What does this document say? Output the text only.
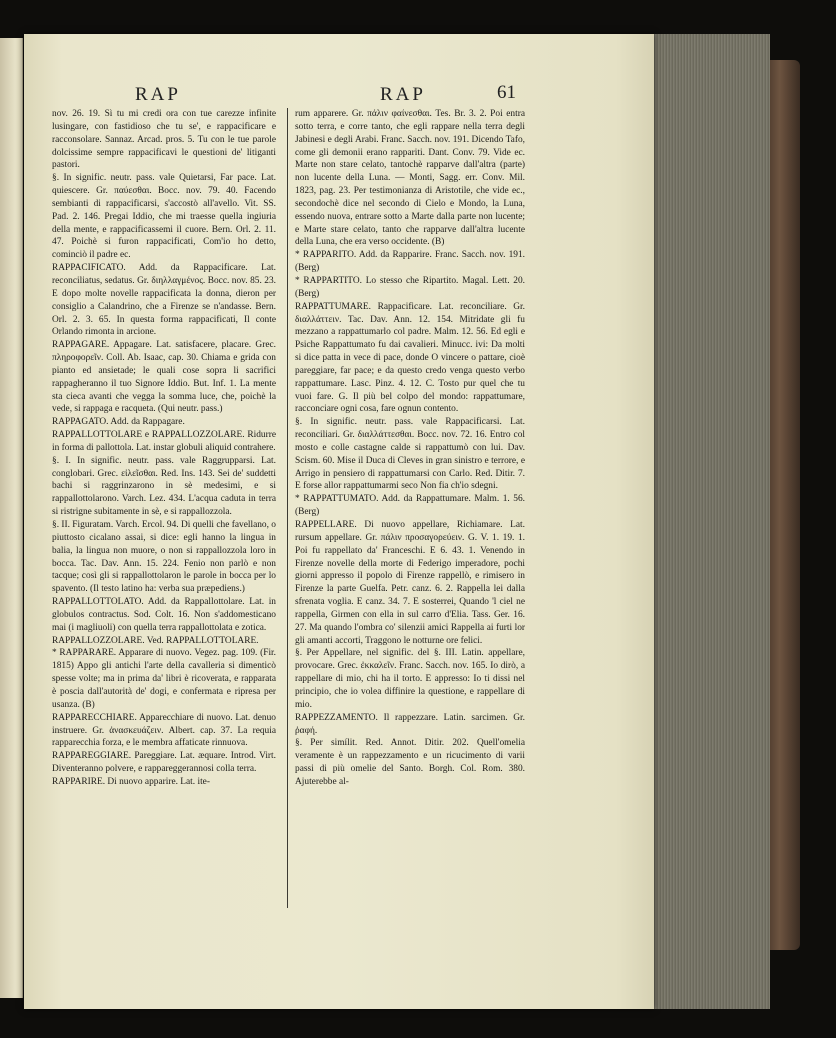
RAP	RAP	61

nov. 26. 19. Sì tu mi credi ora con tue carezze infinite lusingare, con fastidioso che tu se', e rappacificare e racconsolare. Sannaz. Arcad. pros. 5. Tu con le tue parole dolcissime sempre rappacificavi le questioni de' litiganti pastori.

§. In signific. neutr. pass. vale Quietarsi, Far pace. Lat. quiescere. Gr. παύεσθαι. Bocc. nov. 79. 40. Facendo sembianti di rappacificarsi, s'accostò all'avello. Vit. SS. Pad. 2. 146. Pregai Iddio, che mi traesse quella ingiuria della mente, e rappacificassemi il cuore. Bern. Orl. 2. 11. 47. Poichè si furon rappacificati, Com'io ho detto, cominciò il padre ec.

RAPPACIFICATO. Add. da Rappacificare. Lat. reconciliatus, sedatus. Gr. διηλλαγμένος. Bocc. nov. 85. 23. E dopo molte novelle rappacificata la donna, dieron per consiglio a Calandrino, che a Firenze se n'andasse. Bern. Orl. 2. 3. 65. In questa forma rappacificati, Il conte Orlando rimonta in arcione.

RAPPAGARE. Appagare. Lat. satisfacere, placare. Grec. πληροφορεῖν. Coll. Ab. Isaac, cap. 30. Chiama e grida con pianto ed ansietade; le quali cose sopra li sacrifici rappagheranno il tuo Signore Iddio. But. Inf. 1. La mente sta cieca avanti che vegga la somma luce, che, poichè la vede, si rappaga e racqueta. (Qui neutr. pass.)

RAPPAGATO. Add. da Rappagare.

RAPPALLOTTOLARE e RAPPALLOZZOLARE. Ridurre in forma di pallottola. Lat. instar globuli aliquid contrahere.

§. I. In signific. neutr. pass. vale Raggrupparsi. Lat. conglobari. Grec. εἰλεῖσθαι. Red. Ins. 143. Sei de' suddetti bachi si raggrinzarono in sè medesimi, e si rappallottolarono. Varch. Lez. 434. L'acqua caduta in terra si ristrigne subitamente in sè, e si rappallozzola.

§. II. Figuratam. Varch. Ercol. 94. Di quelli che favellano, o piuttosto cicalano assai, si dice: egli hanno la lingua in balia, la lingua non muore, o non si rappallozzola loro in bocca. Tac. Dav. Ann. 15. 224. Fenio non parlò e non tacque; così gli si rappallottolaron le parole in bocca per lo spavento. (Il testo latino ha: verba sua præpediens.)

RAPPALLOTTOLATO. Add. da Rappallottolare. Lat. in globulos contractus. Sod. Colt. 16. Non s'addomesticano mai (i magliuoli) con quella terra rappallottolata e zotica.

RAPPALLOZZOLARE. Ved. RAPPALLOTTOLARE.

* RAPPARARE. Apparare di nuovo. Vegez. pag. 109. (Fir. 1815) Appo gli antichi l'arte della cavalleria si dimenticò spesse volte; ma in prima da' libri è ricoverata, e rapparata è poscia dall'autorità de' dogi, e confermata e ripresa per usanza. (B)

RAPPARECCHIARE. Apparecchiare di nuovo. Lat. denuo instruere. Gr. ἀνασκευάζειν. Albert. cap. 37. La requia rapparecchia forza, e le membra affaticate rinnuova.

RAPPAREGGIARE. Pareggiare. Lat. æquare. Introd. Virt. Diventeranno polvere, e rappareggerannosi colla terra.

RAPPARIRE. Di nuovo apparire. Lat. ite-

rum apparere. Gr. πάλιν φαίνεσθαι. Tes. Br. 3. 2. Poi entra sotto terra, e corre tanto, che egli rappare nella terra degli Jabinesi e degli Arabi. Franc. Sacch. nov. 191. Dicendo Tafo, come gli demonii erano rappariti. Dant. Conv. 79. Vide ec. Marte non stare celato, tantochè rapparve dall'altra (parte) non lucente della Luna. — Monti, Sagg. err. Conv. Mil. 1823, pag. 23. Per testimonianza di Aristotile, che vide ec., secondochè dice nel secondo di Cielo e Mondo, la Luna, essendo nuova, entrare sotto a Marte dalla parte non lucente; e Marte stare celato, tanto che rapparve dall'altra lucente della Luna, che era verso occidente. (B)

* RAPPARITO. Add. da Rapparire. Franc. Sacch. nov. 191. (Berg)

* RAPPARTITO. Lo stesso che Ripartito. Magal. Lett. 20. (Berg)

RAPPATTUMARE. Rappacificare. Lat. reconciliare. Gr. διαλλάττειν. Tac. Dav. Ann. 12. 154. Mitridate gli fu mezzano a rappattumarlo col padre. Malm. 12. 56. Ed egli e Psiche Rappattumato fu dai cavalieri. Minucc. ivi: Da molti si dice patta in vece di pace, donde O vincere o pattare, cioè pareggiare, far pace; e da questo credo venga questo verbo rappattumare. Lasc. Pinz. 4. 12. C. Tosto pur quel che tu vuoi fare. G. Il più bel colpo del mondo: rappattumare, racconciare ogni cosa, fare ognun contento.

§. In signific. neutr. pass. vale Rappacificarsi. Lat. reconciliari. Gr. διαλλάττεσθαι. Bocc. nov. 72. 16. Entro col mosto e colle castagne calde si rappattumò con lui. Dav. Scism. 60. Mise il Duca di Cleves in gran sinistro e terrore, e Arrigo in pensiero di rappattumarsi con Carlo. Red. Ditir. 7. E forse allor rappattumarmi seco Non fia ch'io sdegni.

* RAPPATTUMATO. Add. da Rappattumare. Malm. 1. 56. (Berg)

RAPPELLARE. Di nuovo appellare, Richiamare. Lat. rursum appellare. Gr. πάλιν προσαγορεύειν. G. V. 1. 19. 1. Poi fu rappellato da' Franceschi. E 6. 43. 1. Venendo in Firenze novelle della morte di Federigo imperadore, pochi giorni appresso il popolo di Firenze rappellò, e rimisero in Firenze la parte Guelfa. Petr. canz. 6. 2. Rappella lei dalla sfrenata voglia. E canz. 34. 7. E sosterrei, Quando 'l ciel ne rappella, Girmen con ella in sul carro d'Elia. Tass. Ger. 16. 27. Ma quando l'ombra co' silenzii amici Rappella ai furti lor gli amanti accorti, Traggono le notturne ore felici.

§. Per Appellare, nel signific. del §. III. Latin. appellare, provocare. Grec. ἐκκαλεῖν. Franc. Sacch. nov. 165. Io dirò, a rappellare di mio, chi ha il torto. E appresso: Io ti dissi nel principio, che io volea diffinire la questione, e rappellare di mio.

RAPPEZZAMENTO. Il rappezzare. Latin. sarcimen. Gr. ῥαφή.

§. Per simílit. Red. Annot. Ditir. 202. Quell'omelia veramente è un rappezzamento e un ricucimento di varii passi di più omelie del Santo. Borgh. Col. Rom. 380. Ajuterebbe al-
